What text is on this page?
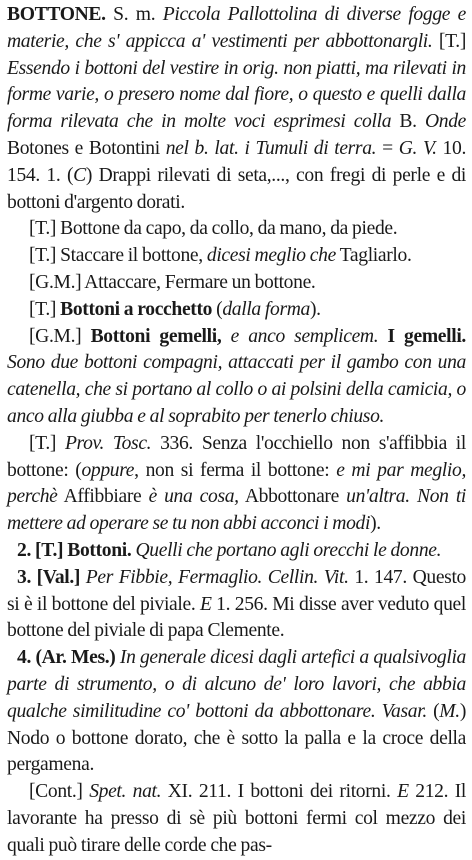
BOTTONE. S. m. Piccola Pallottolina di diverse fogge e materie, che s' appicca a' vestimenti per abbottonargli. [T.] Essendo i bottoni del vestire in orig. non piatti, ma rilevati in forme varie, o presero nome dal fiore, o questo e quelli dalla forma rilevata che in molte voci esprimesi colla B. Onde Botones e Botontini nel b. lat. i Tumuli di terra. = G. V. 10. 154. 1. (C) Drappi rilevati di seta,..., con fregi di perle e di bottoni d'argento dorati.

[T.] Bottone da capo, da collo, da mano, da piede.

[T.] Staccare il bottone, dicesi meglio che Tagliarlo.

[G.M.] Attaccare, Fermare un bottone.

[T.] Bottoni a rocchetto (dalla forma).

[G.M.] Bottoni gemelli, e anco semplicem. I gemelli. Sono due bottoni compagni, attaccati per il gambo con una catenella, che si portano al collo o ai polsini della camicia, o anco alla giubba e al soprabito per tenerlo chiuso.

[T.] Prov. Tosc. 336. Senza l'occhiello non s'affibbia il bottone: (oppure, non si ferma il bottone: e mi par meglio, perchè Affibbiare è una cosa, Abbottonare un'altra. Non ti mettere ad operare se tu non abbi acconci i modi).

2. [T.] Bottoni. Quelli che portano agli orecchi le donne.

3. [Val.] Per Fibbie, Fermaglio. Cellin. Vit. 1. 147. Questo si è il bottone del piviale. E 1. 256. Mi disse aver veduto quel bottone del piviale di papa Clemente.

4. (Ar. Mes.) In generale dicesi dagli artefici a qualsivoglia parte di strumento, o di alcuno de' loro lavori, che abbia qualche similitudine co' bottoni da abbottonare. Vasar. (M.) Nodo o bottone dorato, che è sotto la palla e la croce della pergamena.

[Cont.] Spet. nat. XI. 211. I bottoni dei ritorni. E 212. Il lavorante ha presso di sè più bottoni fermi col mezzo dei quali può tirare delle corde che pas-
